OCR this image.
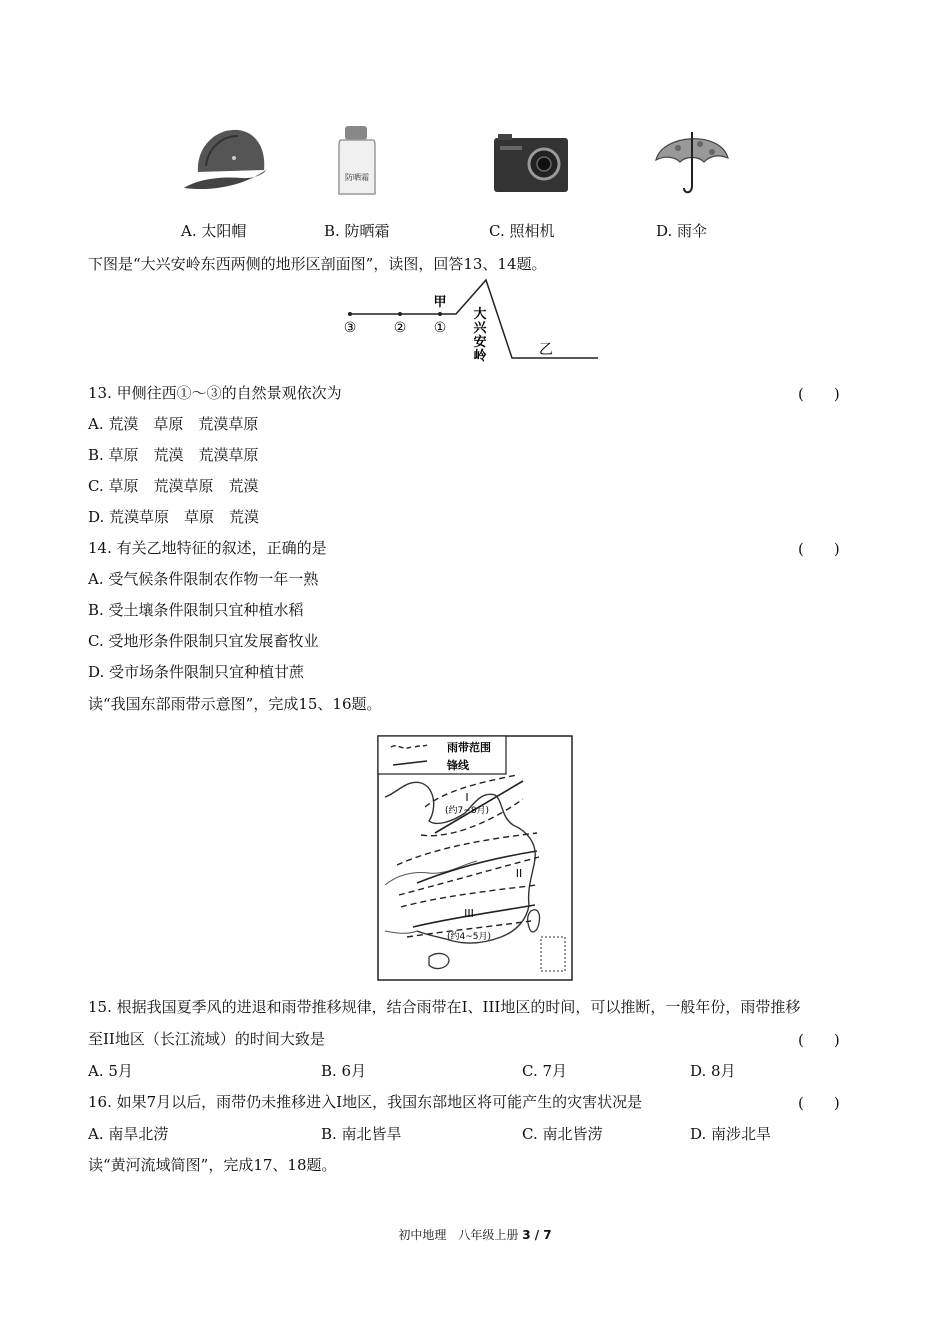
防晒霜
A. 太阳帽	B. 防晒霜	C. 照相机	D. 雨伞
下图是“大兴安岭东西两侧的地形区剖面图”，读图，回答13、14题。
③	② ①
甲
大
兴
安
岭	乙
13. 甲侧往西①～③的自然景观依次为	(　　)
A. 荒漠　草原　荒漠草原
B. 草原　荒漠　荒漠草原
C. 草原　荒漠草原　荒漠
D. 荒漠草原　草原　荒漠
14. 有关乙地特征的叙述，正确的是	(　　)
A. 受气候条件限制农作物一年一熟
B. 受土壤条件限制只宜种植水稻
C. 受地形条件限制只宜发展畜牧业
D. 受市场条件限制只宜种植甘蔗
读“我国东部雨带示意图”，完成15、16题。
雨带范围
锋线
I
(约7~8月)
II
III
(约4~5月)
15. 根据我国夏季风的进退和雨带推移规律，结合雨带在I、III地区的时间，可以推断，一般年份，雨带推移
至II地区（长江流域）的时间大致是	(　　)
A. 5月	B. 6月	C. 7月	D. 8月
16. 如果7月以后，雨带仍未推移进入I地区，我国东部地区将可能产生的灾害状况是	(　　)
A. 南旱北涝	B. 南北皆旱	C. 南北皆涝	D. 南涉北旱
读“黄河流域简图”，完成17、18题。
初中地理　八年级上册 3 / 7
